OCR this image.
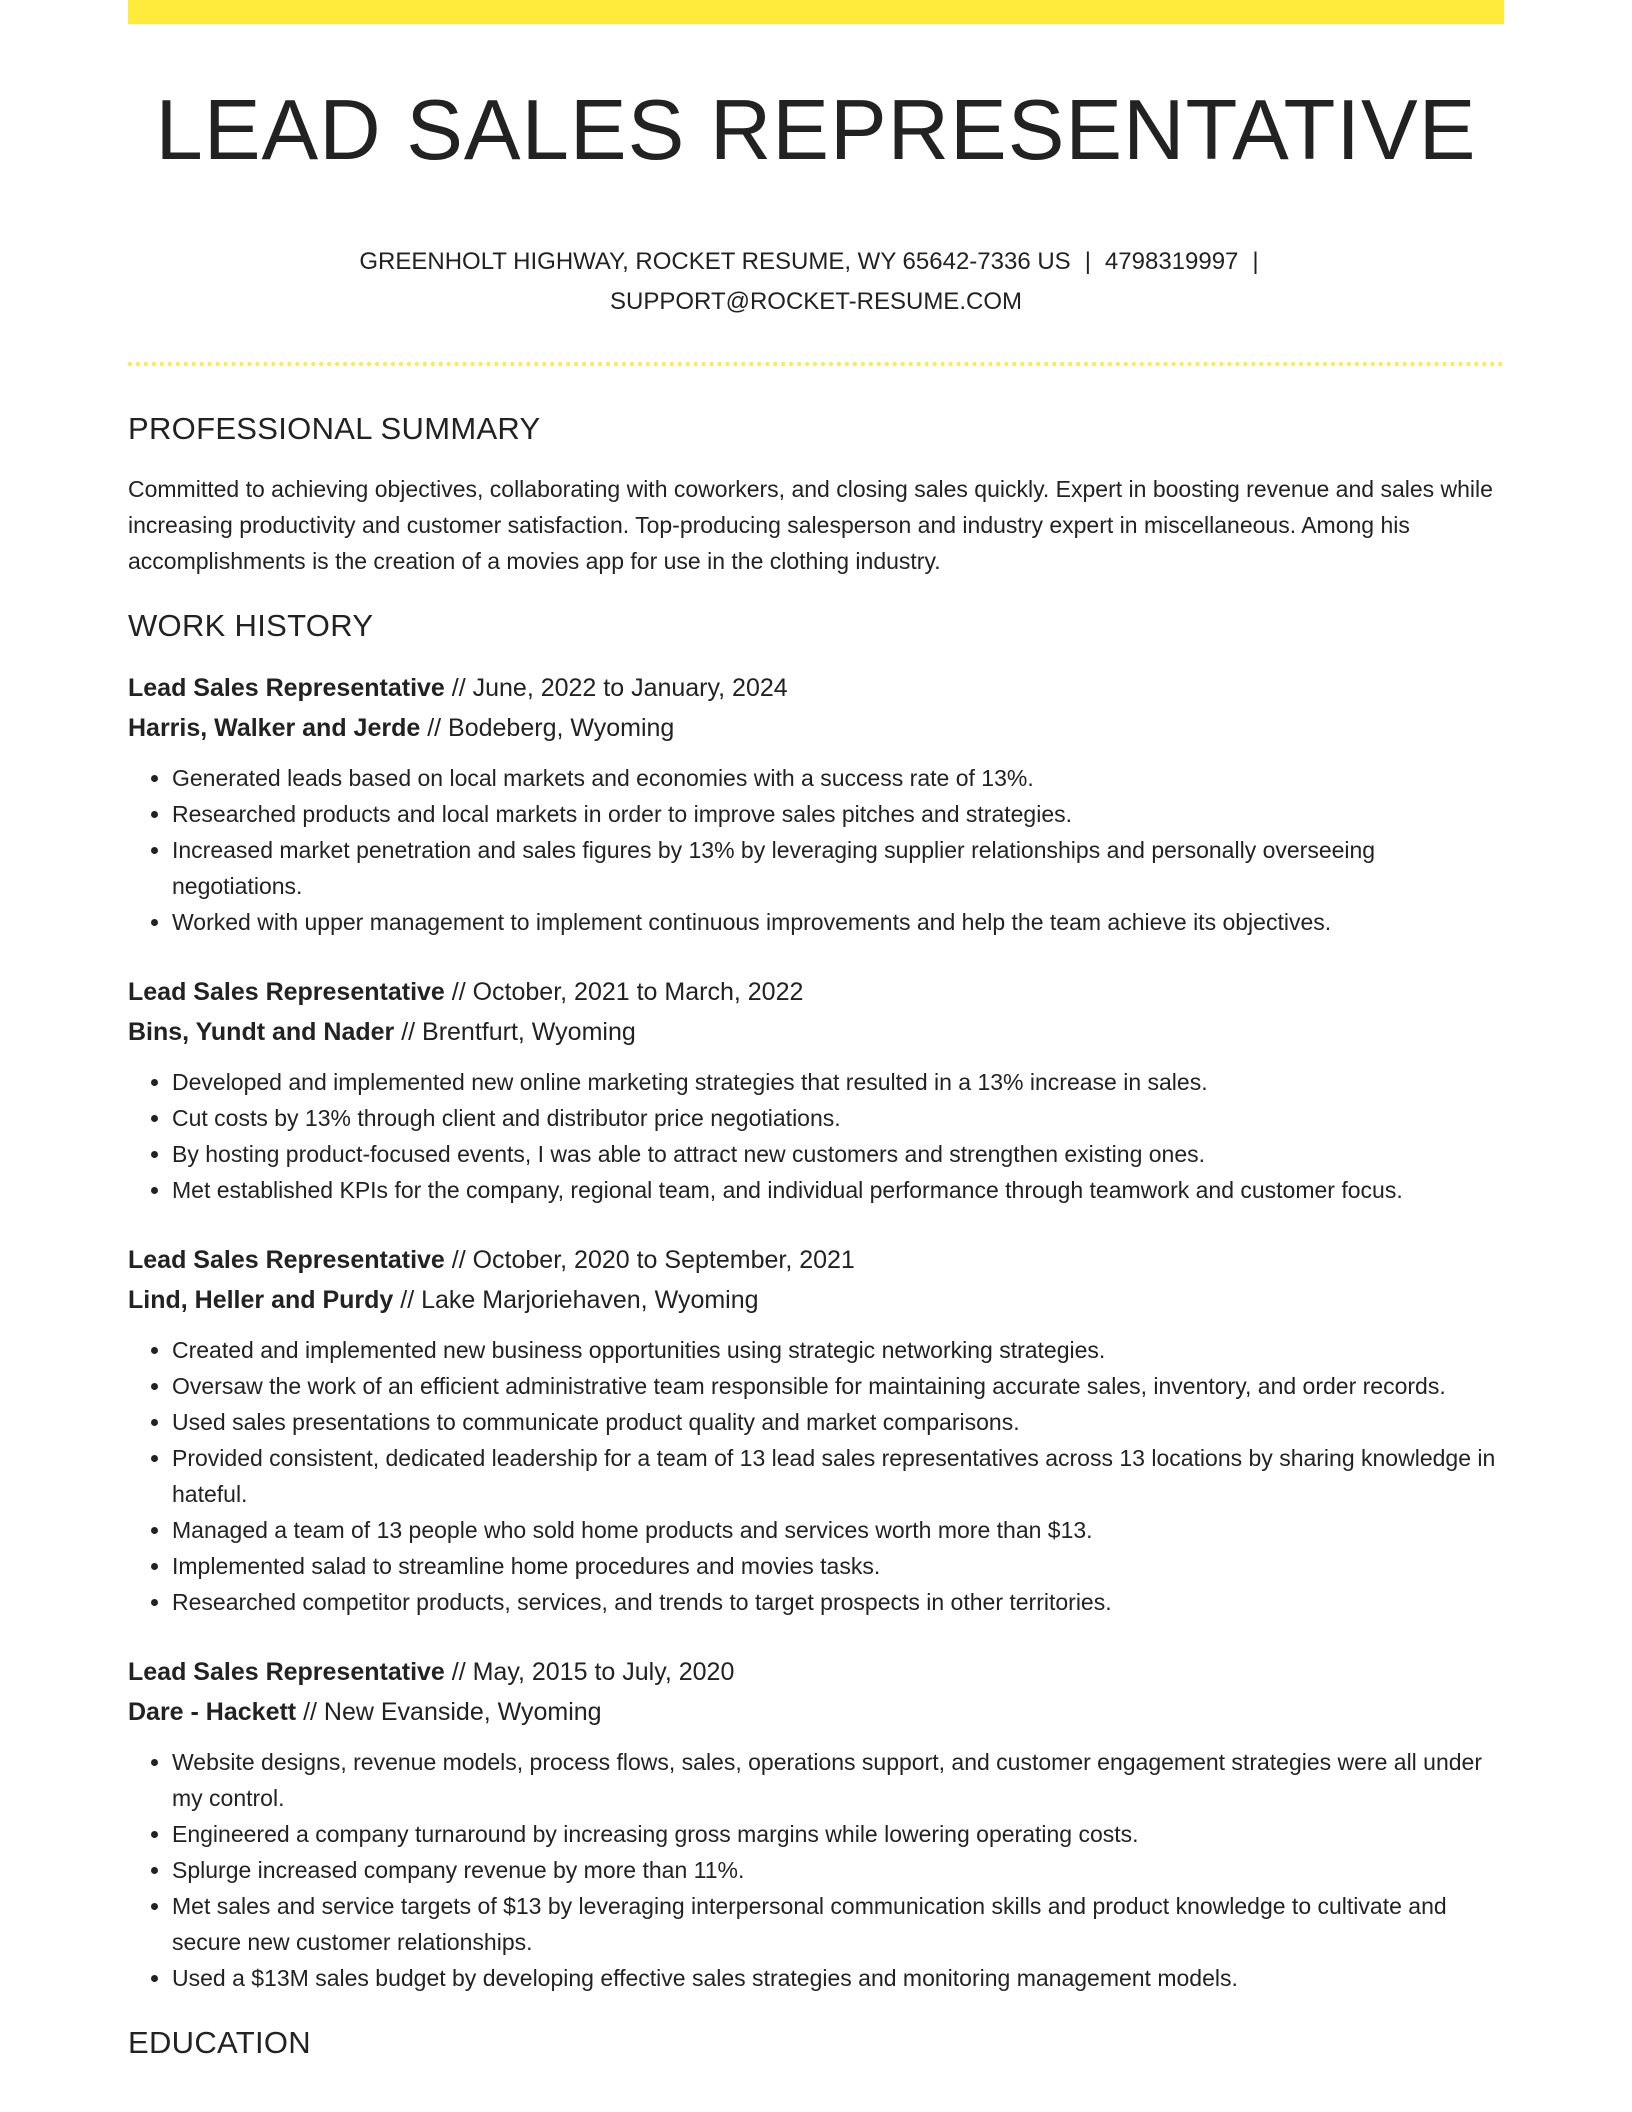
LEAD SALES REPRESENTATIVE
GREENHOLT HIGHWAY, ROCKET RESUME, WY 65642-7336 US | 4798319997 |
SUPPORT@ROCKET-RESUME.COM
PROFESSIONAL SUMMARY

Committed to achieving objectives, collaborating with coworkers, and closing sales quickly. Expert in boosting revenue and sales while increasing productivity and customer satisfaction. Top-producing salesperson and industry expert in miscellaneous. Among his accomplishments is the creation of a movies app for use in the clothing industry.

WORK HISTORY
Lead Sales Representative // June, 2022 to January, 2024
Harris, Walker and Jerde // Bodeberg, Wyoming
• Generated leads based on local markets and economies with a success rate of 13%.
• Researched products and local markets in order to improve sales pitches and strategies.
• Increased market penetration and sales figures by 13% by leveraging supplier relationships and personally overseeing negotiations.
• Worked with upper management to implement continuous improvements and help the team achieve its objectives.
Lead Sales Representative // October, 2021 to March, 2022
Bins, Yundt and Nader // Brentfurt, Wyoming
• Developed and implemented new online marketing strategies that resulted in a 13% increase in sales.
• Cut costs by 13% through client and distributor price negotiations.
• By hosting product-focused events, I was able to attract new customers and strengthen existing ones.
• Met established KPIs for the company, regional team, and individual performance through teamwork and customer focus.
Lead Sales Representative // October, 2020 to September, 2021
Lind, Heller and Purdy // Lake Marjoriehaven, Wyoming
• Created and implemented new business opportunities using strategic networking strategies.
• Oversaw the work of an efficient administrative team responsible for maintaining accurate sales, inventory, and order records.
• Used sales presentations to communicate product quality and market comparisons.
• Provided consistent, dedicated leadership for a team of 13 lead sales representatives across 13 locations by sharing knowledge in hateful.
• Managed a team of 13 people who sold home products and services worth more than $13.
• Implemented salad to streamline home procedures and movies tasks.
• Researched competitor products, services, and trends to target prospects in other territories.
Lead Sales Representative // May, 2015 to July, 2020
Dare - Hackett // New Evanside, Wyoming
• Website designs, revenue models, process flows, sales, operations support, and customer engagement strategies were all under my control.
• Engineered a company turnaround by increasing gross margins while lowering operating costs.
• Splurge increased company revenue by more than 11%.
• Met sales and service targets of $13 by leveraging interpersonal communication skills and product knowledge to cultivate and secure new customer relationships.
• Used a $13M sales budget by developing effective sales strategies and monitoring management models.
EDUCATION
